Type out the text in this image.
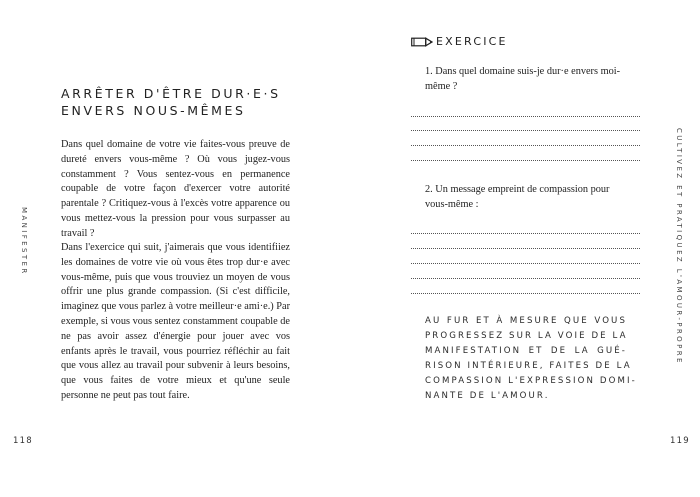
MANIFESTER
ARRÊTER D'ÊTRE DUR·E·S
ENVERS NOUS-MÊMES
Dans quel domaine de votre vie faites-vous preuve de dureté envers vous-même ? Où vous jugez-vous constamment ? Vous sentez-vous en permanence coupable de votre façon d'exercer votre autorité parentale ? Critiquez-vous à l'excès votre apparence ou vous mettez-vous la pression pour vous surpasser au travail ?
Dans l'exercice qui suit, j'aimerais que vous identifiiez les domaines de votre vie où vous êtes trop dur·e avec vous-même, puis que vous trouviez un moyen de vous offrir une plus grande compassion. (Si c'est difficile, imaginez que vous parlez à votre meilleur·e ami·e.) Par exemple, si vous vous sentez constamment coupable de ne pas avoir assez d'énergie pour jouer avec vos enfants après le travail, vous pourriez réfléchir au fait que vous allez au travail pour subvenir à leurs besoins, que vous faites de votre mieux et qu'une seule personne ne peut pas tout faire.
118
EXERCICE
1. Dans quel domaine suis-je dur·e envers moi-même ?
2. Un message empreint de compassion pour vous-même :
AU FUR ET À MESURE QUE VOUS
PROGRESSEZ SUR LA VOIE DE LA
MANIFESTATION ET DE LA GUÉ-
RISON INTÉRIEURE, FAITES DE LA
COMPASSION L'EXPRESSION DOMI-
NANTE DE L'AMOUR.
CULTIVEZ ET PRATIQUEZ L'AMOUR-PROPRE
119
